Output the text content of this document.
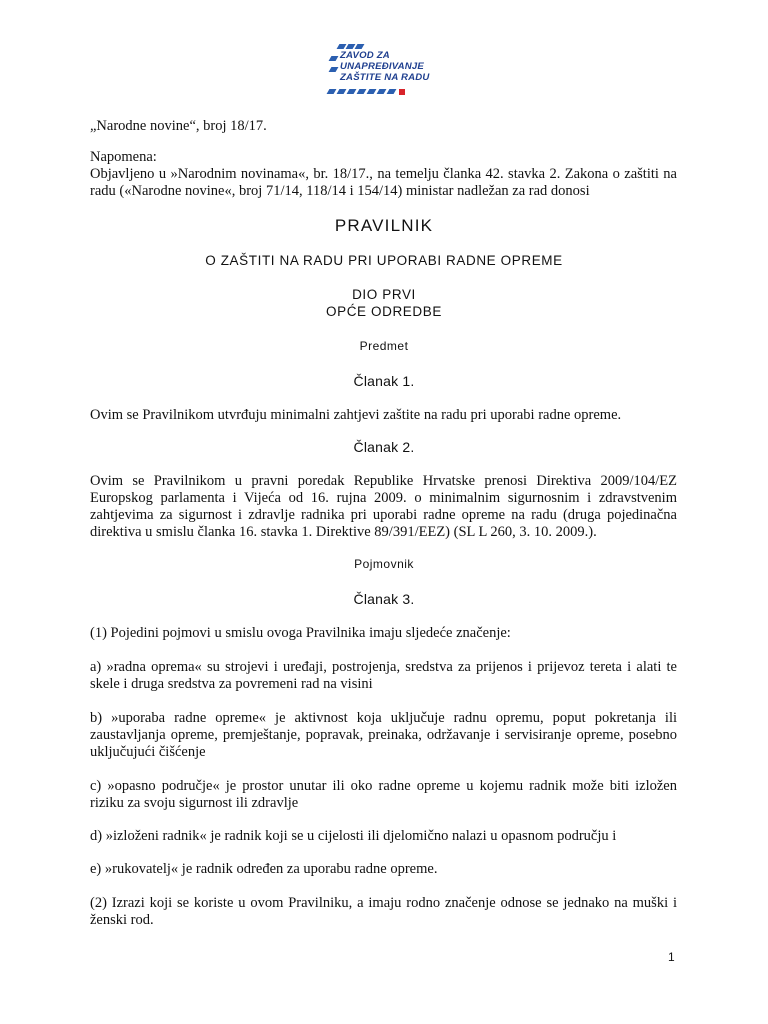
ZAVOD ZA
UNAPREĐIVANJE
ZAŠTITE NA RADU
„Narodne novine“, broj 18/17.
Napomena:
Objavljeno u »Narodnim novinama«, br. 18/17., na temelju članka 42. stavka 2. Zakona o zaštiti na radu («Narodne novine«, broj 71/14, 118/14 i 154/14) ministar nadležan za rad donosi
PRAVILNIK
O ZAŠTITI NA RADU PRI UPORABI RADNE OPREME
DIO PRVI
OPĆE ODREDBE
Predmet
Članak 1.
Ovim se Pravilnikom utvrđuju minimalni zahtjevi zaštite na radu pri uporabi radne opreme.
Članak 2.
Ovim se Pravilnikom u pravni poredak Republike Hrvatske prenosi Direktiva 2009/104/EZ Europskog parlamenta i Vijeća od 16. rujna 2009. o minimalnim sigurnosnim i zdravstvenim zahtjevima za sigurnost i zdravlje radnika pri uporabi radne opreme na radu (druga pojedinačna direktiva u smislu članka 16. stavka 1. Direktive 89/391/EEZ) (SL L 260, 3. 10. 2009.).
Pojmovnik
Članak 3.
(1) Pojedini pojmovi u smislu ovoga Pravilnika imaju sljedeće značenje:
a) »radna oprema« su strojevi i uređaji, postrojenja, sredstva za prijenos i prijevoz tereta i alati te skele i druga sredstva za povremeni rad na visini
b) »uporaba radne opreme« je aktivnost koja uključuje radnu opremu, poput pokretanja ili zaustavljanja opreme, premještanje, popravak, preinaka, održavanje i servisiranje opreme, posebno uključujući čišćenje
c) »opasno područje« je prostor unutar ili oko radne opreme u kojemu radnik može biti izložen riziku za svoju sigurnost ili zdravlje
d) »izloženi radnik« je radnik koji se u cijelosti ili djelomično nalazi u opasnom području i
e) »rukovatelj« je radnik određen za uporabu radne opreme.
(2) Izrazi koji se koriste u ovom Pravilniku, a imaju rodno značenje odnose se jednako na muški i ženski rod.
1
